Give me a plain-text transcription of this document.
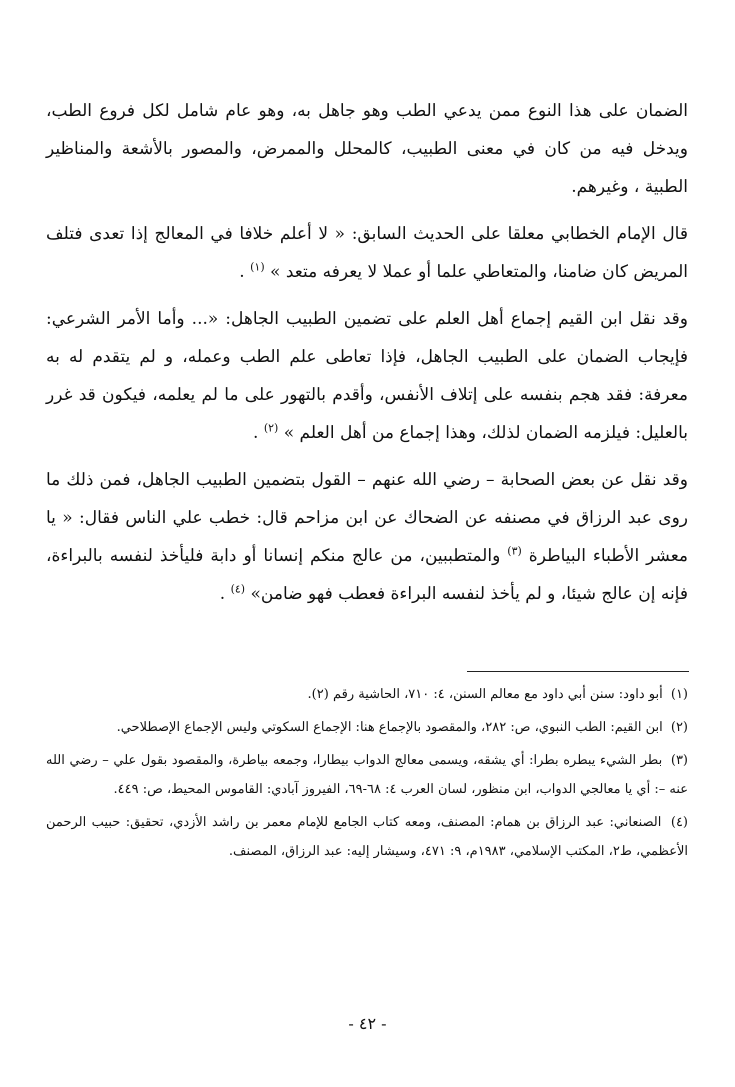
الضمان على هذا النوع ممن يدعي الطب وهو جاهل به، وهو عام شامل لكل فروع الطب، ويدخل فيه من كان في معنى الطبيب، كالمحلل والممرض، والمصور بالأشعة والمناظير الطبية ، وغيرهم.

قال الإمام الخطابي معلقا على الحديث السابق: « لا أعلم خلافا في المعالج إذا تعدى فتلف المريض كان ضامنا، والمتعاطي علما أو عملا لا يعرفه متعد » $^{(١)}$ .

وقد نقل ابن القيم إجماع أهل العلم على تضمين الطبيب الجاهل: «... وأما الأمر الشرعي: فإيجاب الضمان على الطبيب الجاهل، فإذا تعاطى علم الطب وعمله، و لم يتقدم له به معرفة: فقد هجم بنفسه على إتلاف الأنفس، وأقدم بالتهور على ما لم يعلمه، فيكون قد غرر بالعليل: فيلزمه الضمان لذلك، وهذا إجماع من أهل العلم » $^{(٢)}$ .

وقد نقل عن بعض الصحابة – رضي الله عنهم – القول بتضمين الطبيب الجاهل، فمن ذلك ما روى عبد الرزاق في مصنفه عن الضحاك عن ابن مزاحم قال: خطب علي الناس فقال: « يا معشر الأطباء البياطرة $^{(٣)}$ والمتطببين، من عالج منكم إنسانا أو دابة فليأخذ لنفسه بالبراءة، فإنه إن عالج شيئا، و لم يأخذ لنفسه البراءة فعطب فهو ضامن» $^{(٤)}$ .

(١) أبو داود: سنن أبي داود مع معالم السنن، ٤: ٧١٠، الحاشية رقم (٢).

(٢) ابن القيم: الطب النبوي، ص: ٢٨٢، والمقصود بالإجماع هنا: الإجماع السكوتي وليس الإجماع الإصطلاحي.

(٣) بطر الشيء يبطره بطرا: أي يشقه، ويسمى معالج الدواب بيطارا، وجمعه بياطرة، والمقصود بقول علي – رضي الله عنه –: أي يا معالجي الدواب، ابن منظور، لسان العرب ٤: ٦٨-٦٩، الفيروز آبادي: القاموس المحيط، ص: ٤٤٩.

(٤) الصنعاني: عبد الرزاق بن همام: المصنف، ومعه كتاب الجامع للإمام معمر بن راشد الأزدي، تحقيق: حبيب الرحمن الأعظمي، ط٢، المكتب الإسلامي، ١٩٨٣م، ٩: ٤٧١، وسيشار إليه: عبد الرزاق، المصنف.

- ٤٢ -
